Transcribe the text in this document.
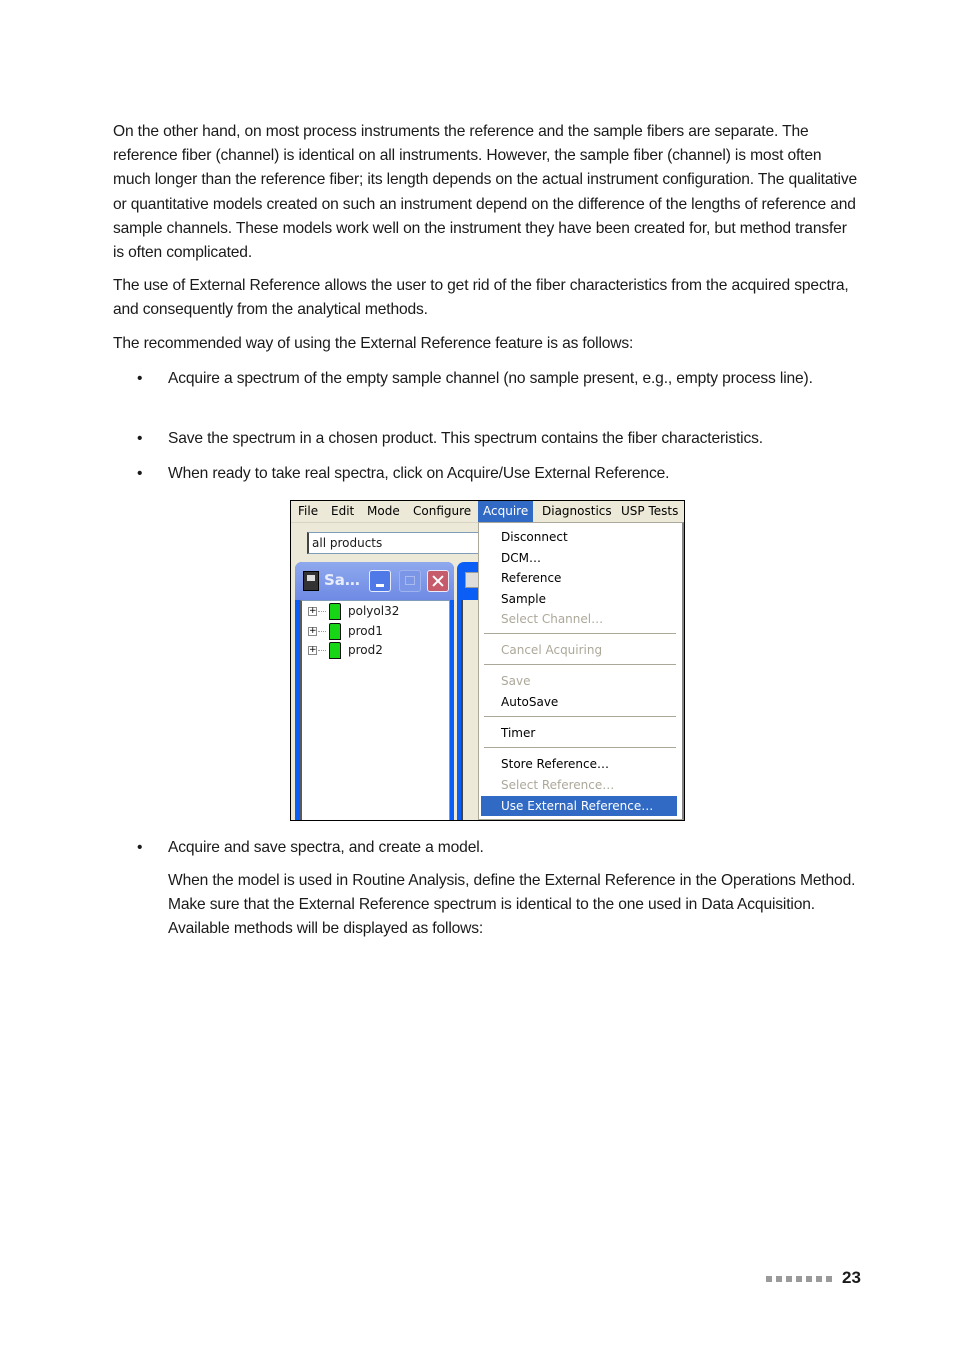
On the other hand, on most process instruments the reference and the sample fibers are separate. The reference fiber (channel) is identical on all instruments. However, the sample fiber (channel) is most often much longer than the reference fiber; its length depends on the actual instrument configuration. The qualitative or quantitative models created on such an instrument depend on the difference of the lengths of reference and sample channels. These models work well on the instrument they have been created for, but method transfer is often complicated.

The use of External Reference allows the user to get rid of the fiber characteristics from the acquired spectra, and consequently from the analytical methods.

The recommended way of using the External Reference feature is as follows:

• Acquire a spectrum of the empty sample channel (no sample present, e.g., empty process line).
• Save the spectrum in a chosen product. This spectrum contains the fiber characteristics.
• When ready to take real spectra, click on Acquire/Use External Reference.
File	Edit	Mode	Configure Acquire	Diagnostics USP Tests
all products
Sa…
+	polyol32
+	prod1
+	prod2
Disconnect
DCM…
Reference
Sample
Select Channel…
Cancel Acquiring
Save
AutoSave
Timer
Store Reference…
Select Reference…
Use External Reference…
• Acquire and save spectra, and create a model.

When the model is used in Routine Analysis, define the External Reference in the Operations Method. Make sure that the External Reference spectrum is identical to the one used in Data Acquisition. Available methods will be displayed as follows:

23
